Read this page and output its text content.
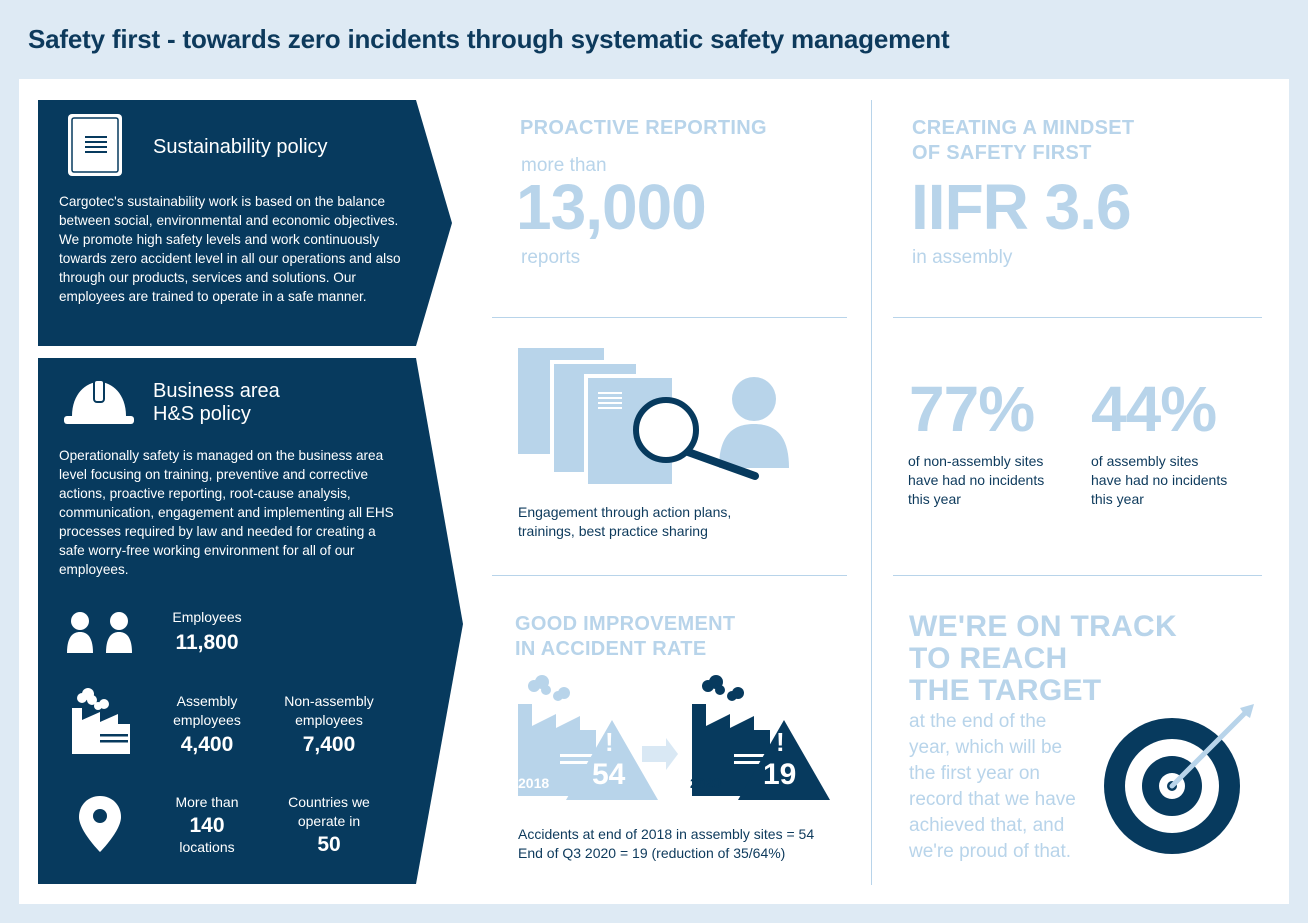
Safety first - towards zero incidents through systematic safety management
Sustainability policy
Cargotec's sustainability work is based on the balance between social, environmental and economic objectives. We promote high safety levels and work continuously towards zero accident level in all our operations and also through our products, services and solutions. Our employees are trained to operate in a safe manner.
Business area
H&S policy
Operationally safety is managed on the business area level focusing on training, preventive and corrective actions, proactive reporting, root-cause analysis, communication, engagement and implementing all EHS processes required by law and needed for creating a safe worry-free working environment for all of our employees.
Employees
11,800
Assembly employees
4,400
Non-assembly employees
7,400
More than
140
locations
Countries we operate in
50
PROACTIVE REPORTING
more than
13,000
reports
CREATING A MINDSET
OF SAFETY FIRST
IIFR 3.6
in assembly
Engagement through action plans,
trainings, best practice sharing
77%
of non-assembly sites
have had no incidents
this year
44%
of assembly sites
have had no incidents
this year
GOOD IMPROVEMENT
IN ACCIDENT RATE
2018
!
54	2020
!
19
Accidents at end of 2018 in assembly sites = 54
End of Q3 2020 = 19 (reduction of 35/64%)
WE'RE ON TRACK
TO REACH
THE TARGET
at the end of the
year, which will be
the first year on
record that we have
achieved that, and
we're proud of that.
